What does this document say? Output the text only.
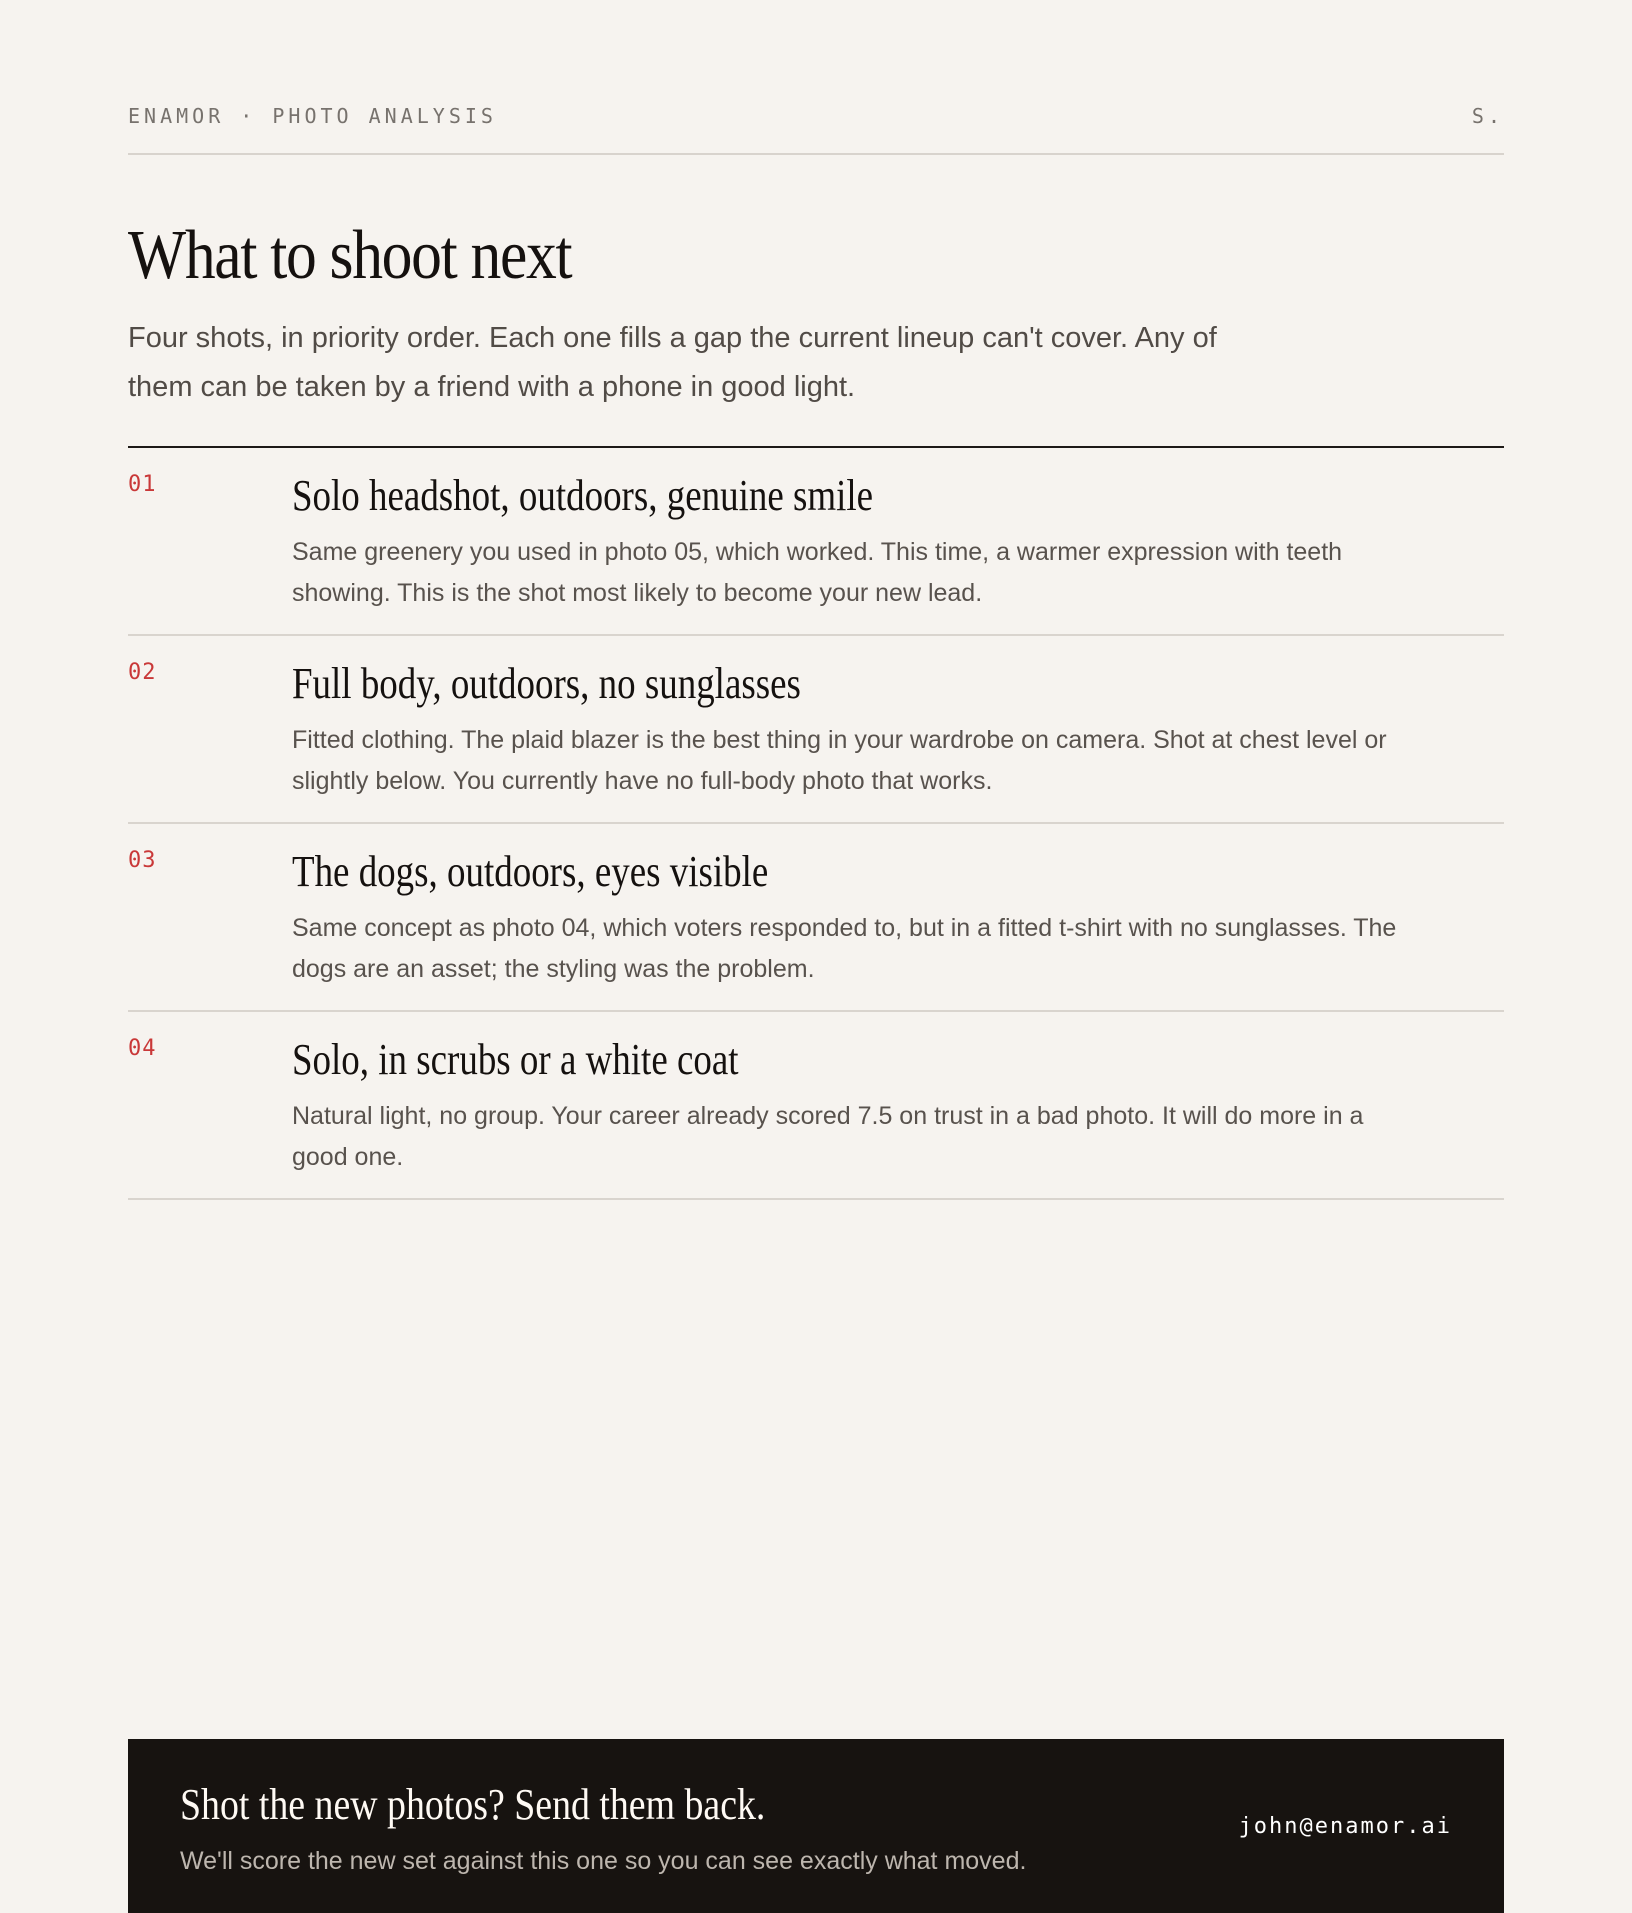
ENAMOR · PHOTO ANALYSIS	S.
What to shoot next

Four shots, in priority order. Each one fills a gap the current lineup can't cover. Any of them can be taken by a friend with a phone in good light.

01	Solo headshot, outdoors, genuine smile

Same greenery you used in photo 05, which worked. This time, a warmer expression with teeth showing. This is the shot most likely to become your new lead.

02	Full body, outdoors, no sunglasses

Fitted clothing. The plaid blazer is the best thing in your wardrobe on camera. Shot at chest level or slightly below. You currently have no full-body photo that works.

03	The dogs, outdoors, eyes visible

Same concept as photo 04, which voters responded to, but in a fitted t-shirt with no sunglasses. The dogs are an asset; the styling was the problem.

04	Solo, in scrubs or a white coat

Natural light, no group. Your career already scored 7.5 on trust in a bad photo. It will do more in a good one.

Shot the new photos? Send them back.

We'll score the new set against this one so you can see exactly what moved.

john@enamor.ai
